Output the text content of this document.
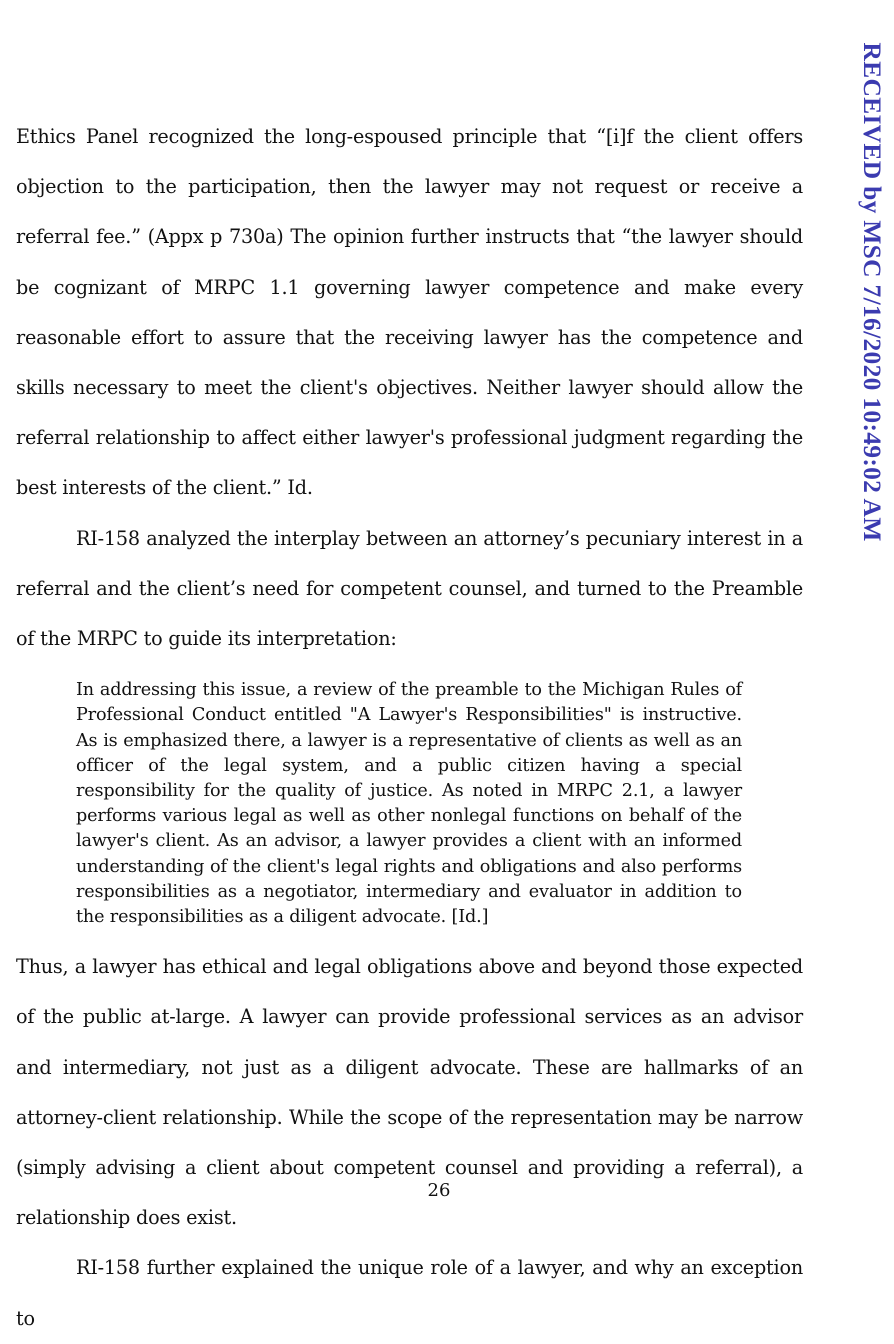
RECEIVED by MSC 7/16/2020 10:49:02 AM

Ethics Panel recognized the long-espoused principle that “[i]f the client offers objection to the participation, then the lawyer may not request or receive a referral fee.” (Appx p 730a) The opinion further instructs that “the lawyer should be cognizant of MRPC 1.1 governing lawyer competence and make every reasonable effort to assure that the receiving lawyer has the competence and skills necessary to meet the client's objectives. Neither lawyer should allow the referral relationship to affect either lawyer's professional judgment regarding the best interests of the client.” Id.

RI-158 analyzed the interplay between an attorney’s pecuniary interest in a referral and the client’s need for competent counsel, and turned to the Preamble of the MRPC to guide its interpretation:

In addressing this issue, a review of the preamble to the Michigan Rules of Professional Conduct entitled "A Lawyer's Responsibilities" is instructive. As is emphasized there, a lawyer is a representative of clients as well as an officer of the legal system, and a public citizen having a special responsibility for the quality of justice. As noted in MRPC 2.1, a lawyer performs various legal as well as other nonlegal functions on behalf of the lawyer's client. As an advisor, a lawyer provides a client with an informed understanding of the client's legal rights and obligations and also performs responsibilities as a negotiator, intermediary and evaluator in addition to the responsibilities as a diligent advocate. [Id.]

Thus, a lawyer has ethical and legal obligations above and beyond those expected of the public at-large. A lawyer can provide professional services as an advisor and intermediary, not just as a diligent advocate. These are hallmarks of an attorney-client relationship. While the scope of the representation may be narrow (simply advising a client about competent counsel and providing a referral), a relationship does exist.

RI-158 further explained the unique role of a lawyer, and why an exception to

26
